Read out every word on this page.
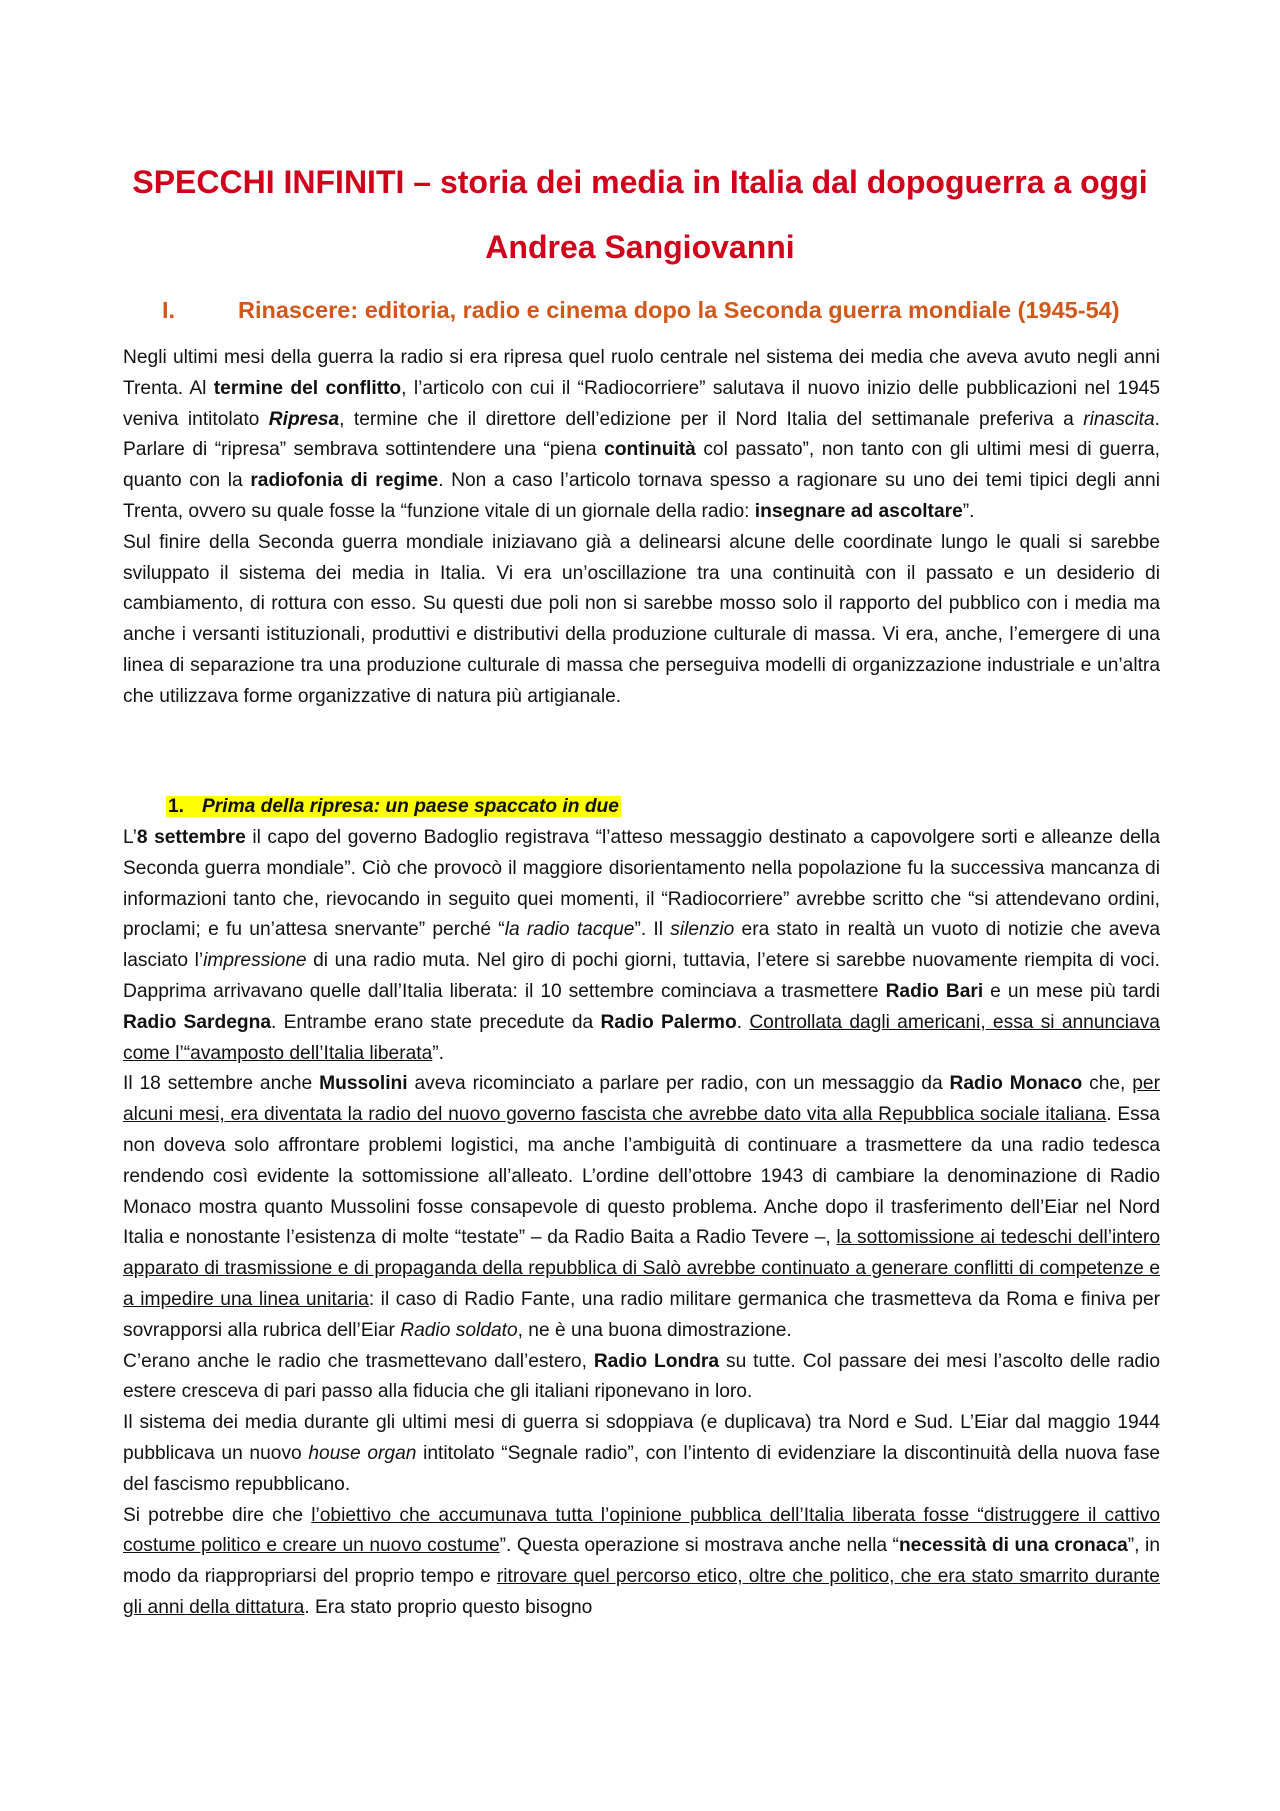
SPECCHI INFINITI – storia dei media in Italia dal dopoguerra a oggi
Andrea Sangiovanni
I.	Rinascere: editoria, radio e cinema dopo la Seconda guerra mondiale (1945-54)

Negli ultimi mesi della guerra la radio si era ripresa quel ruolo centrale nel sistema dei media che aveva avuto negli anni Trenta. Al termine del conflitto, l’articolo con cui il “Radiocorriere” salutava il nuovo inizio delle pubblicazioni nel 1945 veniva intitolato Ripresa, termine che il direttore dell’edizione per il Nord Italia del settimanale preferiva a rinascita. Parlare di “ripresa” sembrava sottintendere una “piena continuità col passato”, non tanto con gli ultimi mesi di guerra, quanto con la radiofonia di regime. Non a caso l’articolo tornava spesso a ragionare su uno dei temi tipici degli anni Trenta, ovvero su quale fosse la “funzione vitale di un giornale della radio: insegnare ad ascoltare”.

Sul finire della Seconda guerra mondiale iniziavano già a delinearsi alcune delle coordinate lungo le quali si sarebbe sviluppato il sistema dei media in Italia. Vi era un’oscillazione tra una continuità con il passato e un desiderio di cambiamento, di rottura con esso. Su questi due poli non si sarebbe mosso solo il rapporto del pubblico con i media ma anche i versanti istituzionali, produttivi e distributivi della produzione culturale di massa. Vi era, anche, l’emergere di una linea di separazione tra una produzione culturale di massa che perseguiva modelli di organizzazione industriale e un’altra che utilizzava forme organizzative di natura più artigianale.

1. Prima della ripresa: un paese spaccato in due

L’8 settembre il capo del governo Badoglio registrava “l’atteso messaggio destinato a capovolgere sorti e alleanze della Seconda guerra mondiale”. Ciò che provocò il maggiore disorientamento nella popolazione fu la successiva mancanza di informazioni tanto che, rievocando in seguito quei momenti, il “Radiocorriere” avrebbe scritto che “si attendevano ordini, proclami; e fu un’attesa snervante” perché “la radio tacque”. Il silenzio era stato in realtà un vuoto di notizie che aveva lasciato l’impressione di una radio muta. Nel giro di pochi giorni, tuttavia, l’etere si sarebbe nuovamente riempita di voci. Dapprima arrivavano quelle dall’Italia liberata: il 10 settembre cominciava a trasmettere Radio Bari e un mese più tardi Radio Sardegna. Entrambe erano state precedute da Radio Palermo. Controllata dagli americani, essa si annunciava come l’“avamposto dell’Italia liberata”.

Il 18 settembre anche Mussolini aveva ricominciato a parlare per radio, con un messaggio da Radio Monaco che, per alcuni mesi, era diventata la radio del nuovo governo fascista che avrebbe dato vita alla Repubblica sociale italiana. Essa non doveva solo affrontare problemi logistici, ma anche l’ambiguità di continuare a trasmettere da una radio tedesca rendendo così evidente la sottomissione all’alleato. L’ordine dell’ottobre 1943 di cambiare la denominazione di Radio Monaco mostra quanto Mussolini fosse consapevole di questo problema. Anche dopo il trasferimento dell’Eiar nel Nord Italia e nonostante l’esistenza di molte “testate” – da Radio Baita a Radio Tevere –, la sottomissione ai tedeschi dell’intero apparato di trasmissione e di propaganda della repubblica di Salò avrebbe continuato a generare conflitti di competenze e a impedire una linea unitaria: il caso di Radio Fante, una radio militare germanica che trasmetteva da Roma e finiva per sovrapporsi alla rubrica dell’Eiar Radio soldato, ne è una buona dimostrazione.

C’erano anche le radio che trasmettevano dall’estero, Radio Londra su tutte. Col passare dei mesi l’ascolto delle radio estere cresceva di pari passo alla fiducia che gli italiani riponevano in loro.

Il sistema dei media durante gli ultimi mesi di guerra si sdoppiava (e duplicava) tra Nord e Sud. L’Eiar dal maggio 1944 pubblicava un nuovo house organ intitolato “Segnale radio”, con l’intento di evidenziare la discontinuità della nuova fase del fascismo repubblicano.

Si potrebbe dire che l’obiettivo che accumunava tutta l’opinione pubblica dell’Italia liberata fosse “distruggere il cattivo costume politico e creare un nuovo costume”. Questa operazione si mostrava anche nella “necessità di una cronaca”, in modo da riappropriarsi del proprio tempo e ritrovare quel percorso etico, oltre che politico, che era stato smarrito durante gli anni della dittatura. Era stato proprio questo bisogno
